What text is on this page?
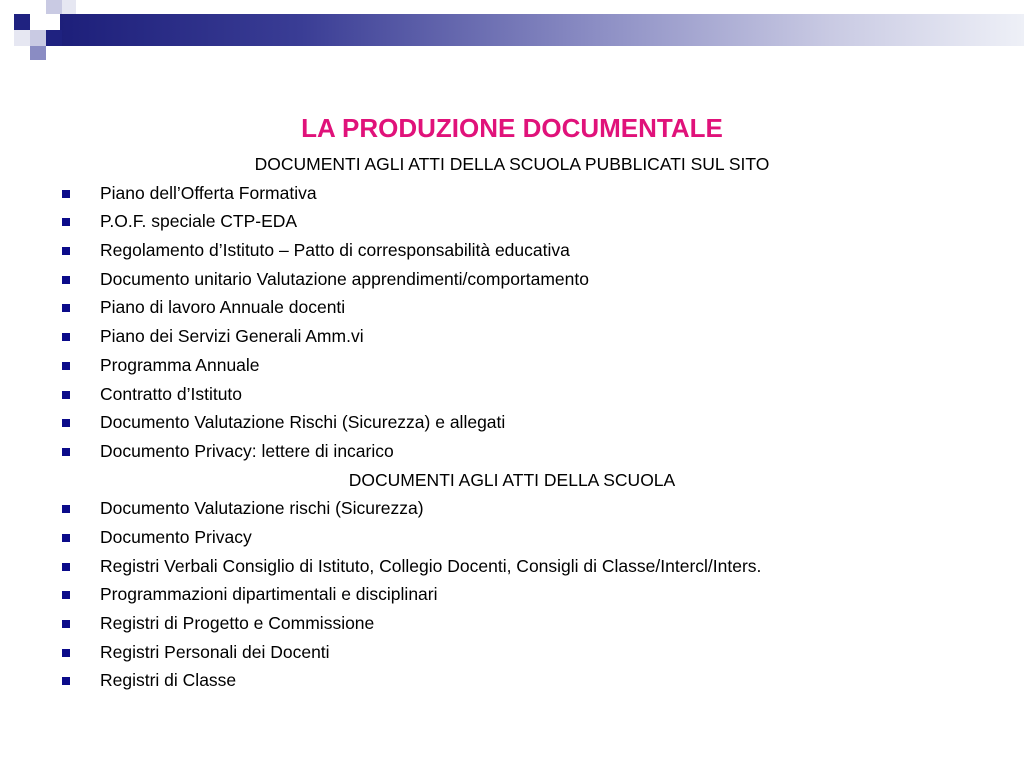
LA PRODUZIONE DOCUMENTALE
DOCUMENTI AGLI ATTI DELLA SCUOLA PUBBLICATI SUL SITO
Piano dell’Offerta Formativa
P.O.F. speciale CTP-EDA
Regolamento d’Istituto – Patto di corresponsabilità educativa
Documento unitario Valutazione apprendimenti/comportamento
Piano di lavoro Annuale docenti
Piano dei Servizi Generali Amm.vi
Programma Annuale
Contratto d’Istituto
Documento Valutazione Rischi (Sicurezza) e allegati
Documento Privacy: lettere di incarico
DOCUMENTI AGLI ATTI DELLA SCUOLA
Documento Valutazione rischi (Sicurezza)
Documento Privacy
Registri Verbali Consiglio di Istituto, Collegio Docenti, Consigli di Classe/Intercl/Inters.
Programmazioni dipartimentali e disciplinari
Registri di Progetto e Commissione
Registri Personali dei Docenti
Registri di Classe
